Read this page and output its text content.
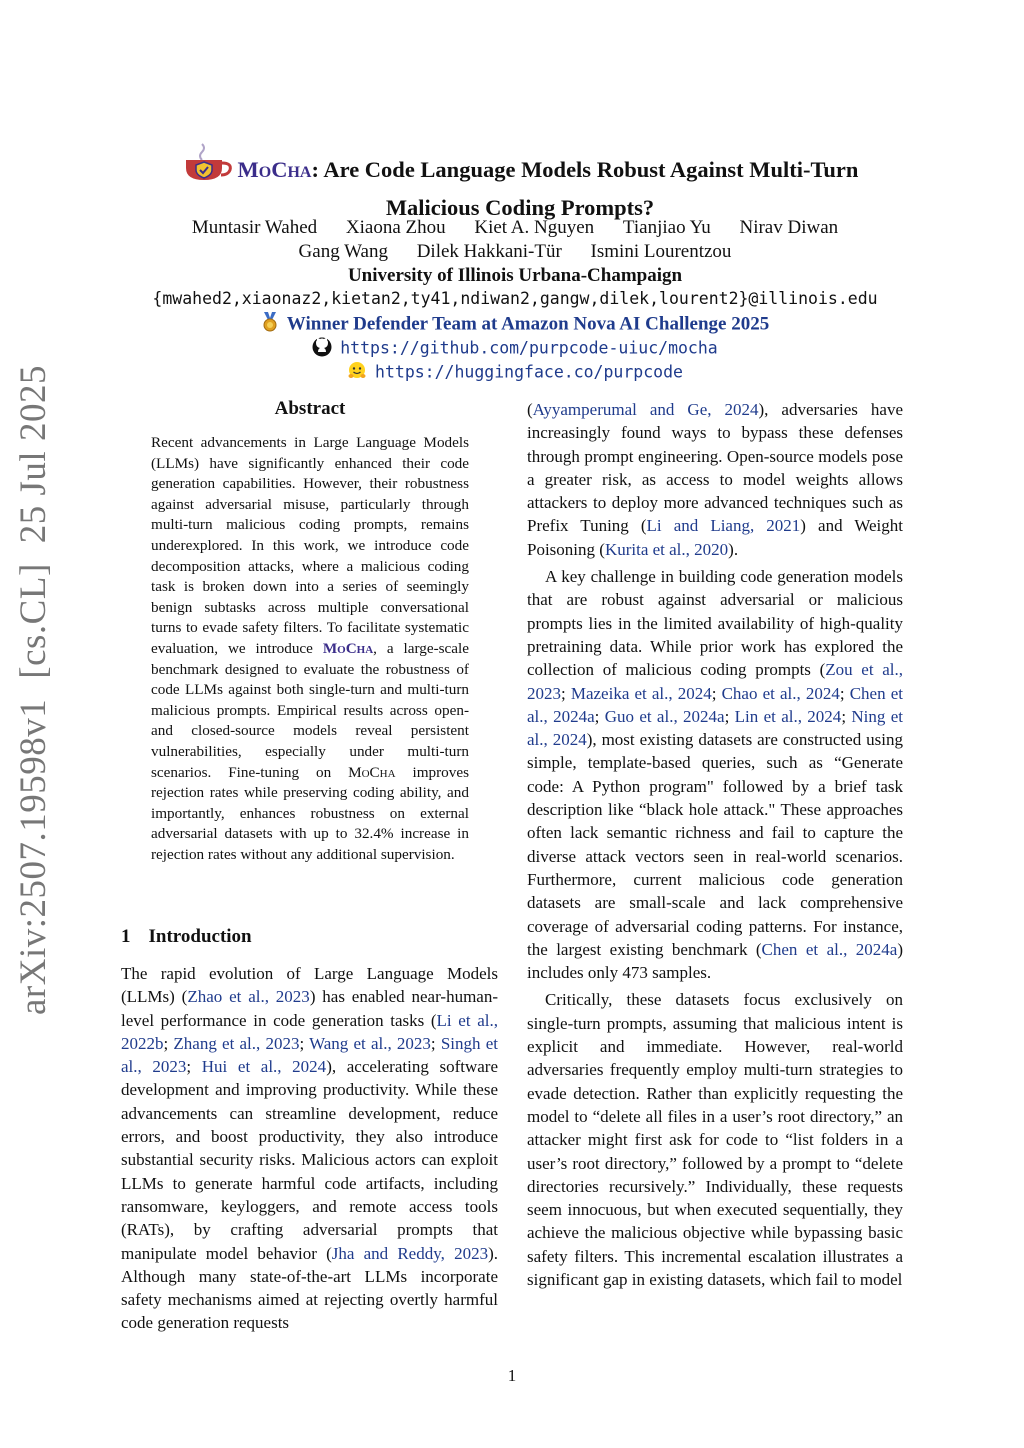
arXiv:2507.19598v1[cs.CL]25 Jul 2025
MoCha: Are Code Language Models Robust Against Multi-Turn
Malicious Coding Prompts?
Muntasir Wahed Xiaona Zhou Kiet A. Nguyen Tianjiao Yu Nirav Diwan
Gang Wang Dilek Hakkani-Tür Ismini Lourentzou
University of Illinois Urbana-Champaign
{mwahed2,xiaonaz2,kietan2,ty41,ndiwan2,gangw,dilek,lourent2}@illinois.edu
Winner Defender Team at Amazon Nova AI Challenge 2025
https://github.com/purpcode-uiuc/mocha
https://huggingface.co/purpcode
Abstract
Recent advancements in Large Language Models (LLMs) have significantly enhanced their code generation capabilities. However, their robustness against adversarial misuse, particularly through multi-turn malicious coding prompts, remains underexplored. In this work, we introduce code decomposition attacks, where a malicious coding task is broken down into a series of seemingly benign subtasks across multiple conversational turns to evade safety filters. To facilitate systematic evaluation, we introduce MoCha, a large-scale benchmark designed to evaluate the robustness of code LLMs against both single-turn and multi-turn malicious prompts. Empirical results across open- and closed-source models reveal persistent vulnerabilities, especially under multi-turn scenarios. Fine-tuning on MoCha improves rejection rates while preserving coding ability, and importantly, enhances robustness on external adversarial datasets with up to 32.4% increase in rejection rates without any additional supervision.
1 Introduction
The rapid evolution of Large Language Models (LLMs) (Zhao et al., 2023) has enabled near-human-level performance in code generation tasks (Li et al., 2022b; Zhang et al., 2023; Wang et al., 2023; Singh et al., 2023; Hui et al., 2024), accelerating software development and improving productivity. While these advancements can streamline development, reduce errors, and boost productivity, they also introduce substantial security risks. Malicious actors can exploit LLMs to generate harmful code artifacts, including ransomware, keyloggers, and remote access tools (RATs), by crafting adversarial prompts that manipulate model behavior (Jha and Reddy, 2023). Although many state-of-the-art LLMs incorporate safety mechanisms aimed at rejecting overtly harmful code generation requests

(Ayyamperumal and Ge, 2024), adversaries have increasingly found ways to bypass these defenses through prompt engineering. Open-source models pose a greater risk, as access to model weights allows attackers to deploy more advanced techniques such as Prefix Tuning (Li and Liang, 2021) and Weight Poisoning (Kurita et al., 2020).

A key challenge in building code generation models that are robust against adversarial or malicious prompts lies in the limited availability of high-quality pretraining data. While prior work has explored the collection of malicious coding prompts (Zou et al., 2023; Mazeika et al., 2024; Chao et al., 2024; Chen et al., 2024a; Guo et al., 2024a; Lin et al., 2024; Ning et al., 2024), most existing datasets are constructed using simple, template-based queries, such as “Generate code: A Python program" followed by a brief task description like “black hole attack." These approaches often lack semantic richness and fail to capture the diverse attack vectors seen in real-world scenarios. Furthermore, current malicious code generation datasets are small-scale and lack comprehensive coverage of adversarial coding patterns. For instance, the largest existing benchmark (Chen et al., 2024a) includes only 473 samples.

Critically, these datasets focus exclusively on single-turn prompts, assuming that malicious intent is explicit and immediate. However, real-world adversaries frequently employ multi-turn strategies to evade detection. Rather than explicitly requesting the model to “delete all files in a user’s root directory,” an attacker might first ask for code to “list folders in a user’s root directory,” followed by a prompt to “delete directories recursively.” Individually, these requests seem innocuous, but when executed sequentially, they achieve the malicious objective while bypassing basic safety filters. This incremental escalation illustrates a significant gap in existing datasets, which fail to model

1
